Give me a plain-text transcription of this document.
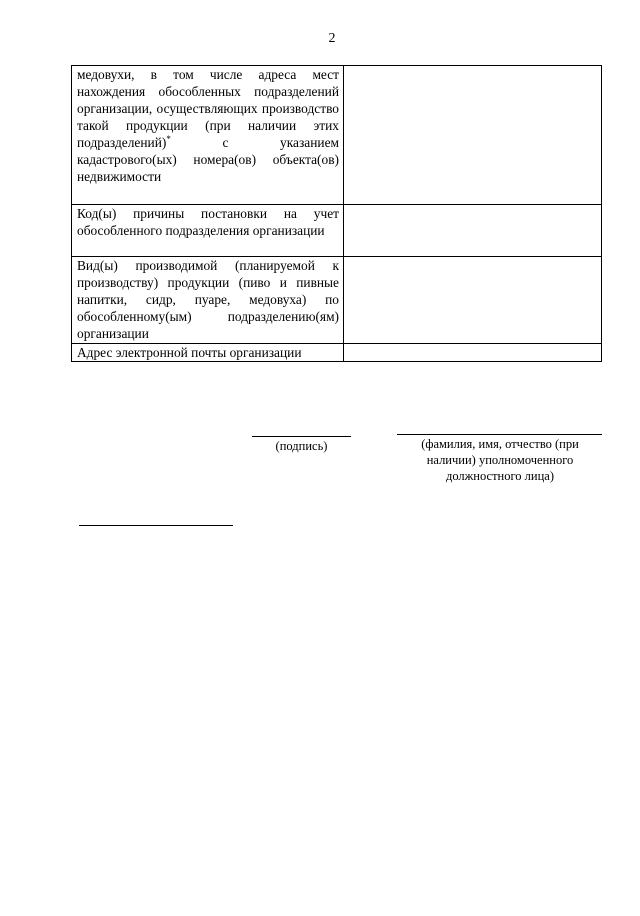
2
медовухи, в том числе адреса мест нахождения обособленных подразделений организации, осуществляющих производство такой продукции (при наличии этих подразделений)* с указанием кадастрового(ых) номера(ов) объекта(ов) недвижимости	
Код(ы) причины постановки на учет обособленного подразделения организации	
Вид(ы) производимой (планируемой к производству) продукции (пиво и пивные напитки, сидр, пуаре, медовуха) по обособленному(ым) подразделению(ям) организации	
Адрес электронной почты организации	
(подпись)	(фамилия, имя, отчество (при наличии) уполномоченного должностного лица)
